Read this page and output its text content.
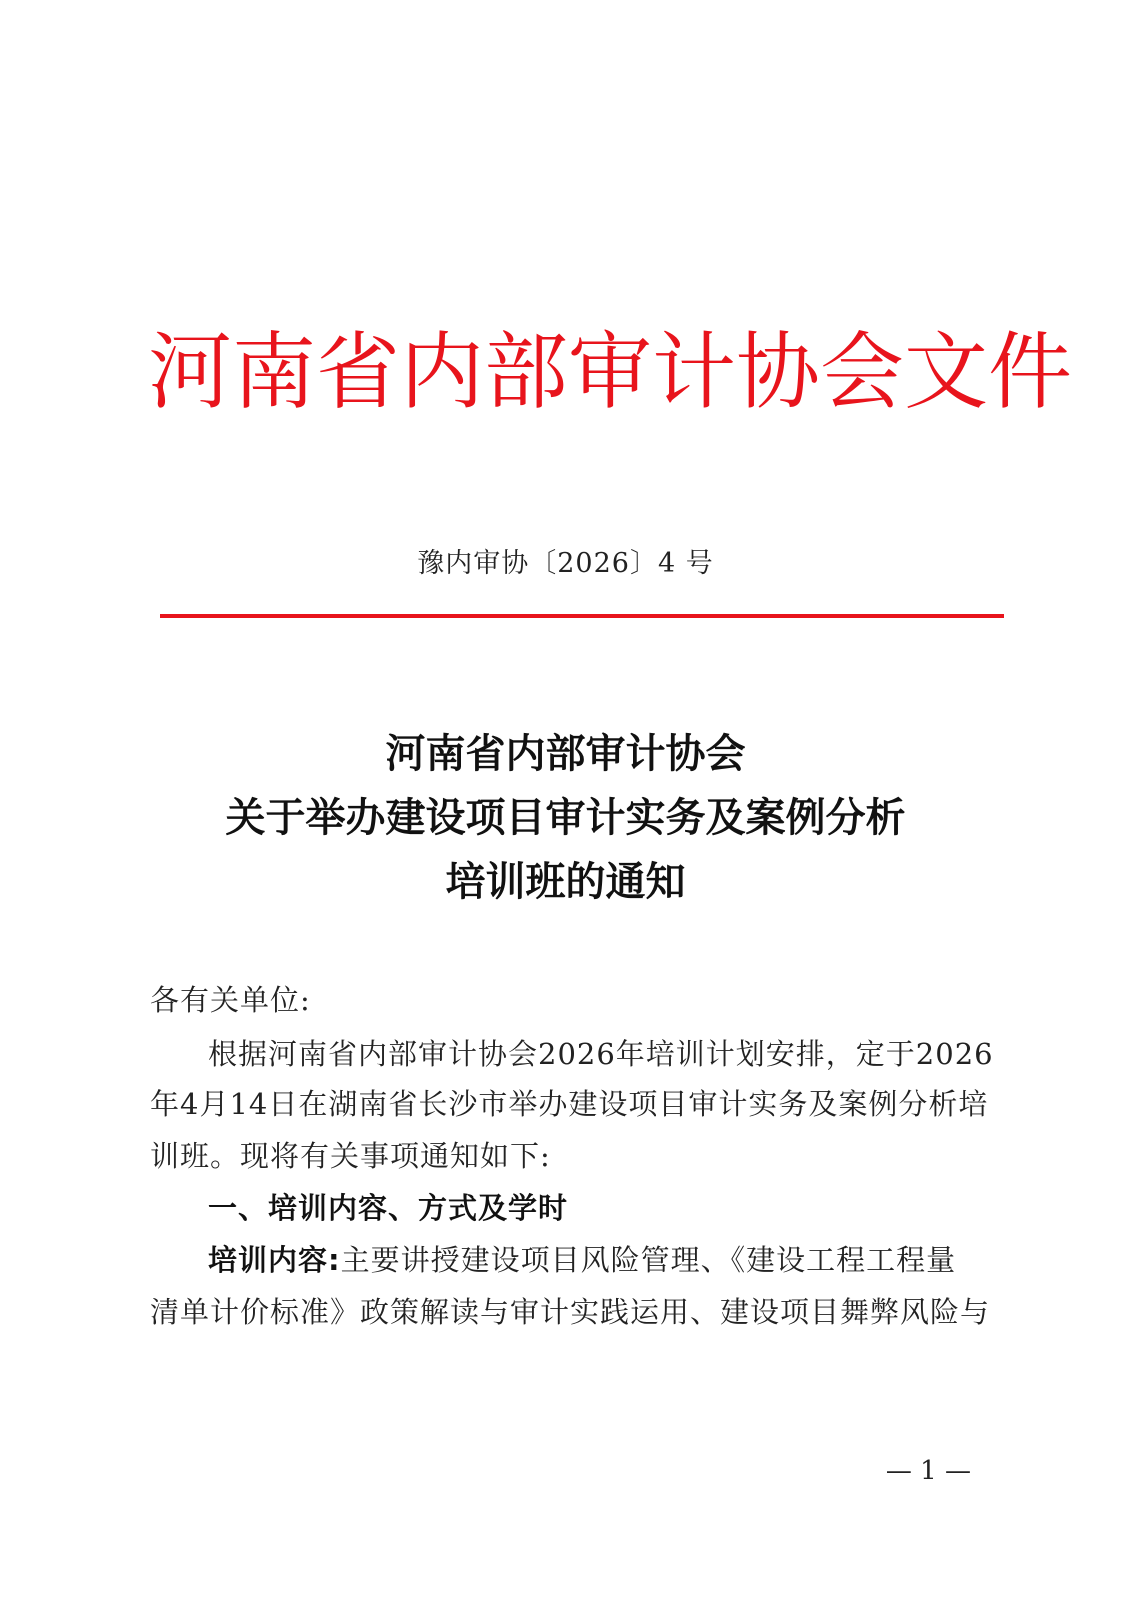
河南省内部审计协会文件
豫内审协〔2026〕4 号
河南省内部审计协会
关于举办建设项目审计实务及案例分析
培训班的通知
各有关单位:
根据河南省内部审计协会2026年培训计划安排，定于2026
年4月14日在湖南省长沙市举办建设项目审计实务及案例分析培
训班。现将有关事项通知如下:
一、培训内容、方式及学时
培训内容:主要讲授建设项目风险管理、《建设工程工程量
清单计价标准》政策解读与审计实践运用、建设项目舞弊风险与
— 1 —
